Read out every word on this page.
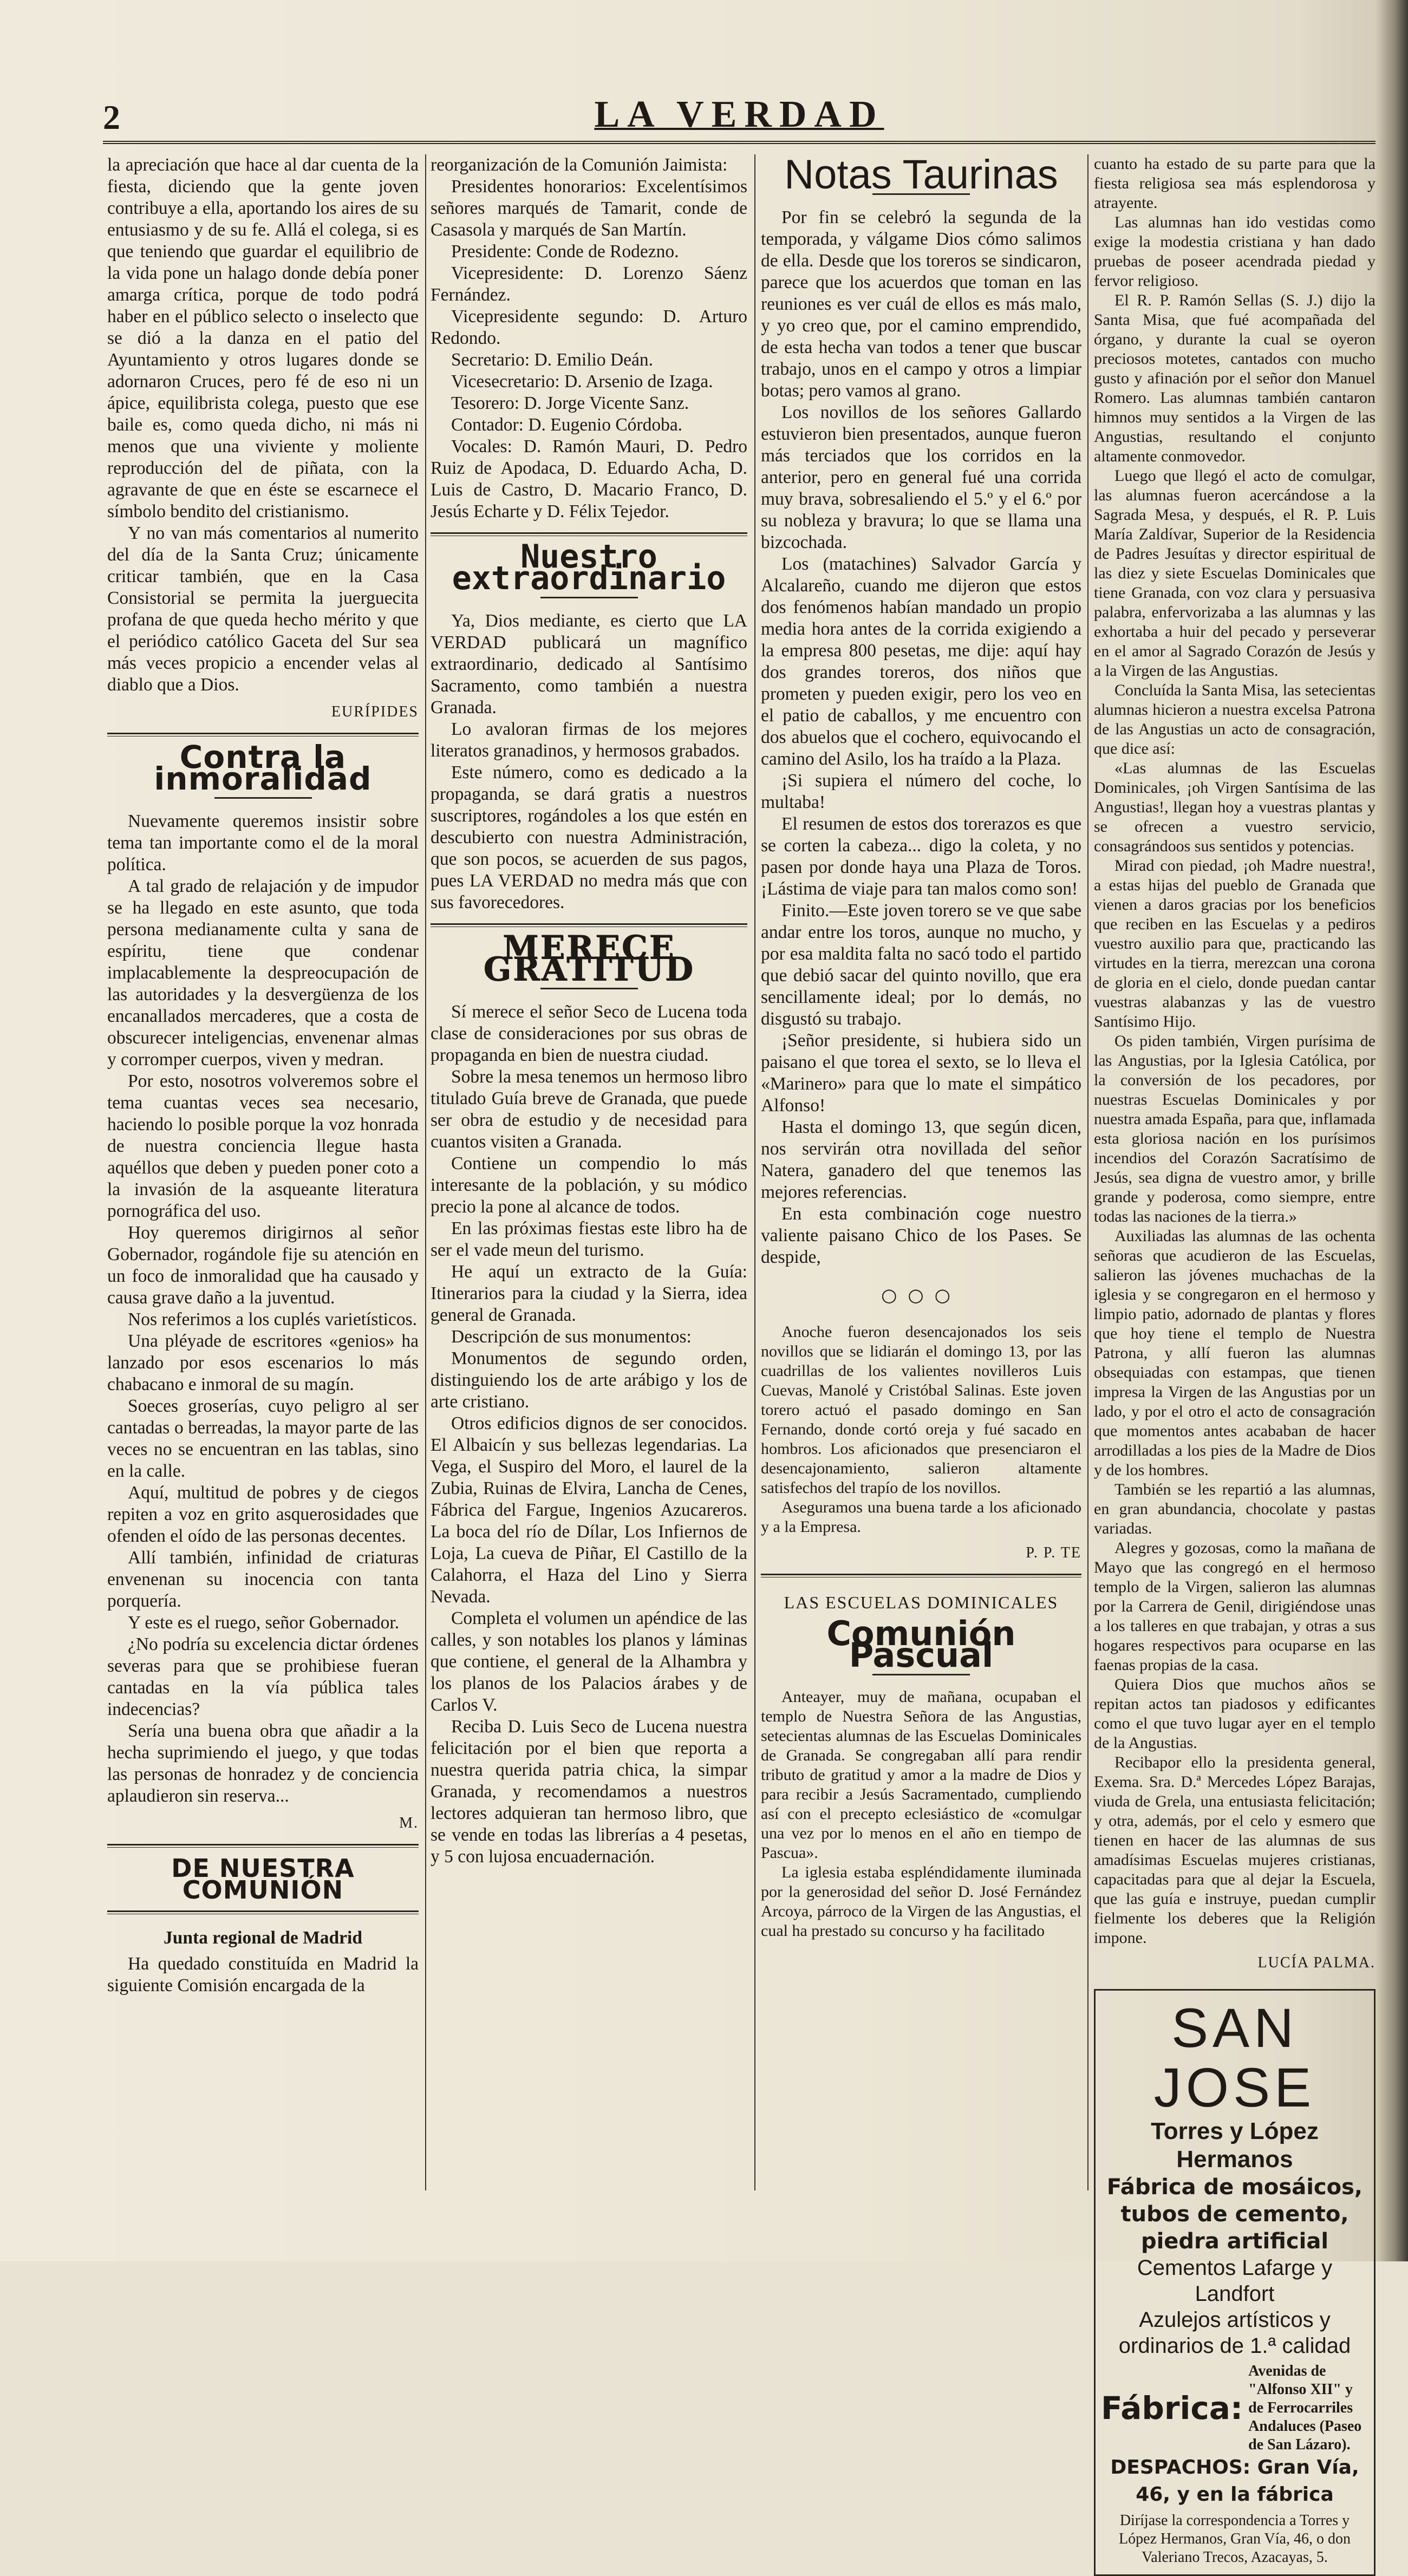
2	LA VERDAD

la apreciación que hace al dar cuenta de la fiesta, diciendo que la gente joven contribuye a ella, aportando los aires de su entusiasmo y de su fe. Allá el colega, si es que teniendo que guardar el equilibrio de la vida pone un halago donde debía poner amarga crítica, porque de todo podrá haber en el público selecto o inselecto que se dió a la danza en el patio del Ayuntamiento y otros lugares donde se adornaron Cruces, pero fé de eso ni un ápice, equilibrista colega, puesto que ese baile es, como queda dicho, ni más ni menos que una viviente y moliente reproducción del de piñata, con la agravante de que en éste se escarnece el símbolo bendito del cristianismo.

Y no van más comentarios al numerito del día de la Santa Cruz; únicamente criticar también, que en la Casa Consistorial se permita la juerguecita profana de que queda hecho mérito y que el periódico católico Gaceta del Sur sea más veces propicio a encender velas al diablo que a Dios.

EURÍPIDES

Contra la inmoralidad

Nuevamente queremos insistir sobre tema tan importante como el de la moral política.

A tal grado de relajación y de impudor se ha llegado en este asunto, que toda persona medianamente culta y sana de espíritu, tiene que condenar implacablemente la despreocupación de las autoridades y la desvergüenza de los encanallados mercaderes, que a costa de obscurecer inteligencias, envenenar almas y corromper cuerpos, viven y medran.

Por esto, nosotros volveremos sobre el tema cuantas veces sea necesario, haciendo lo posible porque la voz honrada de nuestra conciencia llegue hasta aquéllos que deben y pueden poner coto a la invasión de la asqueante literatura pornográfica del uso.

Hoy queremos dirigirnos al señor Gobernador, rogándole fije su atención en un foco de inmoralidad que ha causado y causa grave daño a la juventud.

Nos referimos a los cuplés varietísticos.

Una pléyade de escritores «genios» ha lanzado por esos escenarios lo más chabacano e inmoral de su magín.

Soeces groserías, cuyo peligro al ser cantadas o berreadas, la mayor parte de las veces no se encuentran en las tablas, sino en la calle.

Aquí, multitud de pobres y de ciegos repiten a voz en grito asquerosidades que ofenden el oído de las personas decentes.

Allí también, infinidad de criaturas envenenan su inocencia con tanta porquería.

Y este es el ruego, señor Gobernador.

¿No podría su excelencia dictar órdenes severas para que se prohibiese fueran cantadas en la vía pública tales indecencias?

Sería una buena obra que añadir a la hecha suprimiendo el juego, y que todas las personas de honradez y de conciencia aplaudieron sin reserva...

M.

DE NUESTRA COMUNIÓN
Junta regional de Madrid

Ha quedado constituída en Madrid la siguiente Comisión encargada de la

reorganización de la Comunión Jaimista:

Presidentes honorarios: Excelentísimos señores marqués de Tamarit, conde de Casasola y marqués de San Martín.

Presidente: Conde de Rodezno.

Vicepresidente: D. Lorenzo Sáenz Fernández.

Vicepresidente segundo: D. Arturo Redondo.

Secretario: D. Emilio Deán.

Vicesecretario: D. Arsenio de Izaga.

Tesorero: D. Jorge Vicente Sanz.

Contador: D. Eugenio Córdoba.

Vocales: D. Ramón Mauri, D. Pedro Ruiz de Apodaca, D. Eduardo Acha, D. Luis de Castro, D. Macario Franco, D. Jesús Echarte y D. Félix Tejedor.

Nuestro extraordinario

Ya, Dios mediante, es cierto que LA VERDAD publicará un magnífico extraordinario, dedicado al Santísimo Sacramento, como también a nuestra Granada.

Lo avaloran firmas de los mejores literatos granadinos, y hermosos grabados.

Este número, como es dedicado a la propaganda, se dará gratis a nuestros suscriptores, rogándoles a los que estén en descubierto con nuestra Administración, que son pocos, se acuerden de sus pagos, pues LA VERDAD no medra más que con sus favorecedores.

MERECE GRATITUD

Sí merece el señor Seco de Lucena toda clase de consideraciones por sus obras de propaganda en bien de nuestra ciudad.

Sobre la mesa tenemos un hermoso libro titulado Guía breve de Granada, que puede ser obra de estudio y de necesidad para cuantos visiten a Granada.

Contiene un compendio lo más interesante de la población, y su módico precio la pone al alcance de todos.

En las próximas fiestas este libro ha de ser el vade meun del turismo.

He aquí un extracto de la Guía: Itinerarios para la ciudad y la Sierra, idea general de Granada.

Descripción de sus monumentos:

Monumentos de segundo orden, distinguiendo los de arte arábigo y los de arte cristiano.

Otros edificios dignos de ser conocidos. El Albaicín y sus bellezas legendarias. La Vega, el Suspiro del Moro, el laurel de la Zubia, Ruinas de Elvira, Lancha de Cenes, Fábrica del Fargue, Ingenios Azucareros. La boca del río de Dílar, Los Infiernos de Loja, La cueva de Piñar, El Castillo de la Calahorra, el Haza del Lino y Sierra Nevada.

Completa el volumen un apéndice de las calles, y son notables los planos y láminas que contiene, el general de la Alhambra y los planos de los Palacios árabes y de Carlos V.

Reciba D. Luis Seco de Lucena nuestra felicitación por el bien que reporta a nuestra querida patria chica, la simpar Granada, y recomendamos a nuestros lectores adquieran tan hermoso libro, que se vende en todas las librerías a 4 pesetas, y 5 con lujosa encuadernación.

Notas Taurinas

Por fin se celebró la segunda de la temporada, y válgame Dios cómo salimos de ella. Desde que los toreros se sindicaron, parece que los acuerdos que toman en las reuniones es ver cuál de ellos es más malo, y yo creo que, por el camino emprendido, de esta hecha van todos a tener que buscar trabajo, unos en el campo y otros a limpiar botas; pero vamos al grano.

Los novillos de los señores Gallardo estuvieron bien presentados, aunque fueron más terciados que los corridos en la anterior, pero en general fué una corrida muy brava, sobresaliendo el 5.º y el 6.º por su nobleza y bravura; lo que se llama una bizcochada.

Los (matachines) Salvador García y Alcalareño, cuando me dijeron que estos dos fenómenos habían mandado un propio media hora antes de la corrida exigiendo a la empresa 800 pesetas, me dije: aquí hay dos grandes toreros, dos niños que prometen y pueden exigir, pero los veo en el patio de caballos, y me encuentro con dos abuelos que el cochero, equivocando el camino del Asilo, los ha traído a la Plaza.

¡Si supiera el número del coche, lo multaba!

El resumen de estos dos torerazos es que se corten la cabeza... digo la coleta, y no pasen por donde haya una Plaza de Toros. ¡Lástima de viaje para tan malos como son!

Finito.—Este joven torero se ve que sabe andar entre los toros, aunque no mucho, y por esa maldita falta no sacó todo el partido que debió sacar del quinto novillo, que era sencillamente ideal; por lo demás, no disgustó su trabajo.

¡Señor presidente, si hubiera sido un paisano el que torea el sexto, se lo lleva el «Marinero» para que lo mate el simpático Alfonso!

Hasta el domingo 13, que según dicen, nos servirán otra novillada del señor Natera, ganadero del que tenemos las mejores referencias.

En esta combinación coge nuestro valiente paisano Chico de los Pases. Se despide,

○○○

Anoche fueron desencajonados los seis novillos que se lidiarán el domingo 13, por las cuadrillas de los valientes novilleros Luis Cuevas, Manolé y Cristóbal Salinas. Este joven torero actuó el pasado domingo en San Fernando, donde cortó oreja y fué sacado en hombros. Los aficionados que presenciaron el desencajonamiento, salieron altamente satisfechos del trapío de los novillos.

Aseguramos una buena tarde a los aficionado y a la Empresa.

P. P. TE

LAS ESCUELAS DOMINICALES
Comunión Pascual

Anteayer, muy de mañana, ocupaban el templo de Nuestra Señora de las Angustias, setecientas alumnas de las Escuelas Dominicales de Granada. Se congregaban allí para rendir tributo de gratitud y amor a la madre de Dios y para recibir a Jesús Sacramentado, cumpliendo así con el precepto eclesiástico de «comulgar una vez por lo menos en el año en tiempo de Pascua».

La iglesia estaba espléndidamente iluminada por la generosidad del señor D. José Fernández Arcoya, párroco de la Virgen de las Angustias, el cual ha prestado su concurso y ha facilitado

cuanto ha estado de su parte para que la fiesta religiosa sea más esplendorosa y atrayente.

Las alumnas han ido vestidas como exige la modestia cristiana y han dado pruebas de poseer acendrada piedad y fervor religioso.

El R. P. Ramón Sellas (S. J.) dijo la Santa Misa, que fué acompañada del órgano, y durante la cual se oyeron preciosos motetes, cantados con mucho gusto y afinación por el señor don Manuel Romero. Las alumnas también cantaron himnos muy sentidos a la Virgen de las Angustias, resultando el conjunto altamente conmovedor.

Luego que llegó el acto de comulgar, las alumnas fueron acercándose a la Sagrada Mesa, y después, el R. P. Luis María Zaldívar, Superior de la Residencia de Padres Jesuítas y director espiritual de las diez y siete Escuelas Dominicales que tiene Granada, con voz clara y persuasiva palabra, enfervorizaba a las alumnas y las exhortaba a huir del pecado y perseverar en el amor al Sagrado Corazón de Jesús y a la Virgen de las Angustias.

Concluída la Santa Misa, las setecientas alumnas hicieron a nuestra excelsa Patrona de las Angustias un acto de consagración, que dice así:

«Las alumnas de las Escuelas Dominicales, ¡oh Virgen Santísima de las Angustias!, llegan hoy a vuestras plantas y se ofrecen a vuestro servicio, consagrándoos sus sentidos y potencias.

Mirad con piedad, ¡oh Madre nuestra!, a estas hijas del pueblo de Granada que vienen a daros gracias por los beneficios que reciben en las Escuelas y a pediros vuestro auxilio para que, practicando las virtudes en la tierra, merezcan una corona de gloria en el cielo, donde puedan cantar vuestras alabanzas y las de vuestro Santísimo Hijo.

Os piden también, Virgen purísima de las Angustias, por la Iglesia Católica, por la conversión de los pecadores, por nuestras Escuelas Dominicales y por nuestra amada España, para que, inflamada esta gloriosa nación en los purísimos incendios del Corazón Sacratísimo de Jesús, sea digna de vuestro amor, y brille grande y poderosa, como siempre, entre todas las naciones de la tierra.»

Auxiliadas las alumnas de las ochenta señoras que acudieron de las Escuelas, salieron las jóvenes muchachas de la iglesia y se congregaron en el hermoso y limpio patio, adornado de plantas y flores que hoy tiene el templo de Nuestra Patrona, y allí fueron las alumnas obsequiadas con estampas, que tienen impresa la Virgen de las Angustias por un lado, y por el otro el acto de consagración que momentos antes acababan de hacer arrodilladas a los pies de la Madre de Dios y de los hombres.

También se les repartió a las alumnas, en gran abundancia, chocolate y pastas variadas.

Alegres y gozosas, como la mañana de Mayo que las congregó en el hermoso templo de la Virgen, salieron las alumnas por la Carrera de Genil, dirigiéndose unas a los talleres en que trabajan, y otras a sus hogares respectivos para ocuparse en las faenas propias de la casa.

Quiera Dios que muchos años se repitan actos tan piadosos y edificantes como el que tuvo lugar ayer en el templo de la Angustias.

Recibapor ello la presidenta general, Exema. Sra. D.ª Mercedes López Barajas, viuda de Grela, una entusiasta felicitación; y otra, además, por el celo y esmero que tienen en hacer de las alumnas de sus amadísimas Escuelas mujeres cristianas, capacitadas para que al dejar la Escuela, que las guía e instruye, puedan cumplir fielmente los deberes que la Religión impone.

LUCÍA PALMA.

SAN JOSE
Torres y López Hermanos
Fábrica de mosáicos, tubos de cemento, piedra artificial
Cementos Lafarge y Landfort
Azulejos artísticos y ordinarios de 1.ª calidad
Fábrica:
Avenidas de "Alfonso XII" y de Ferrocarriles Andaluces (Paseo de San Lázaro).
DESPACHOS: Gran Vía, 46, y en la fábrica
Diríjase la correspondencia a Torres y López Hermanos, Gran Vía, 46, o don Valeriano Trecos, Azacayas, 5.
